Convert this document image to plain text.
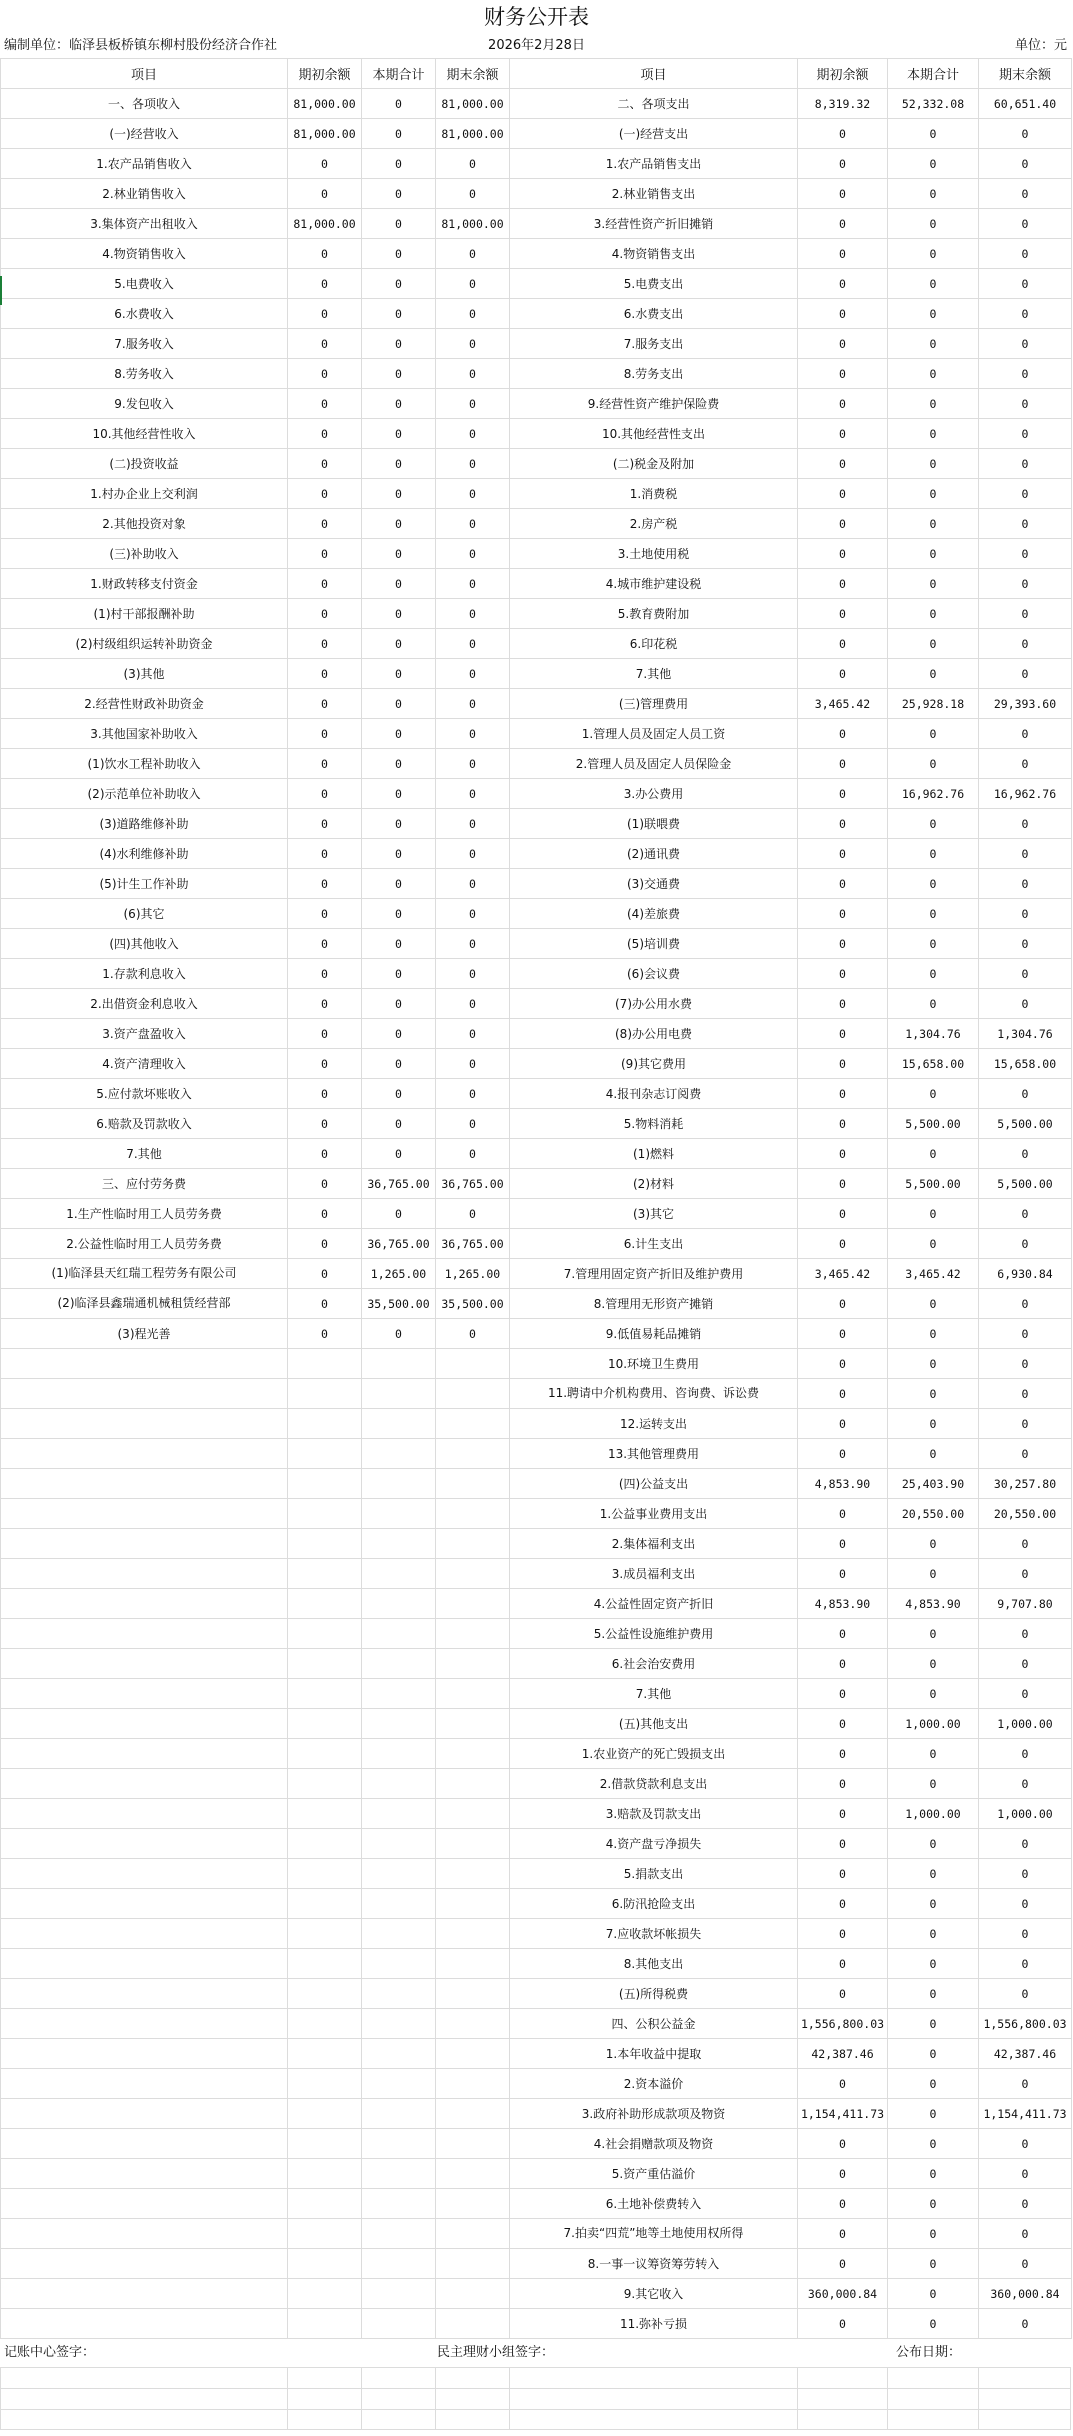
财务公开表
编制单位：临泽县板桥镇东柳村股份经济合作社	2026年2月28日	单位：元
项目	期初余额	本期合计	期末余额	项目	期初余额	本期合计	期末余额
一、各项收入	81,000.00	0	81,000.00	二、各项支出	8,319.32	52,332.08	60,651.40
(一)经营收入	81,000.00	0	81,000.00	(一)经营支出	0	0	0
1.农产品销售收入	0	0	0	1.农产品销售支出	0	0	0
2.林业销售收入	0	0	0	2.林业销售支出	0	0	0
3.集体资产出租收入	81,000.00	0	81,000.00	3.经营性资产折旧摊销	0	0	0
4.物资销售收入	0	0	0	4.物资销售支出	0	0	0
5.电费收入	0	0	0	5.电费支出	0	0	0
6.水费收入	0	0	0	6.水费支出	0	0	0
7.服务收入	0	0	0	7.服务支出	0	0	0
8.劳务收入	0	0	0	8.劳务支出	0	0	0
9.发包收入	0	0	0	9.经营性资产维护保险费	0	0	0
10.其他经营性收入	0	0	0	10.其他经营性支出	0	0	0
(二)投资收益	0	0	0	(二)税金及附加	0	0	0
1.村办企业上交利润	0	0	0	1.消费税	0	0	0
2.其他投资对象	0	0	0	2.房产税	0	0	0
(三)补助收入	0	0	0	3.土地使用税	0	0	0
1.财政转移支付资金	0	0	0	4.城市维护建设税	0	0	0
(1)村干部报酬补助	0	0	0	5.教育费附加	0	0	0
(2)村级组织运转补助资金	0	0	0	6.印花税	0	0	0
(3)其他	0	0	0	7.其他	0	0	0
2.经营性财政补助资金	0	0	0	(三)管理费用	3,465.42	25,928.18	29,393.60
3.其他国家补助收入	0	0	0	1.管理人员及固定人员工资	0	0	0
(1)饮水工程补助收入	0	0	0	2.管理人员及固定人员保险金	0	0	0
(2)示范单位补助收入	0	0	0	3.办公费用	0	16,962.76	16,962.76
(3)道路维修补助	0	0	0	(1)联喂费	0	0	0
(4)水利维修补助	0	0	0	(2)通讯费	0	0	0
(5)计生工作补助	0	0	0	(3)交通费	0	0	0
(6)其它	0	0	0	(4)差旅费	0	0	0
(四)其他收入	0	0	0	(5)培训费	0	0	0
1.存款利息收入	0	0	0	(6)会议费	0	0	0
2.出借资金利息收入	0	0	0	(7)办公用水费	0	0	0
3.资产盘盈收入	0	0	0	(8)办公用电费	0	1,304.76	1,304.76
4.资产清理收入	0	0	0	(9)其它费用	0	15,658.00	15,658.00
5.应付款坏账收入	0	0	0	4.报刊杂志订阅费	0	0	0
6.赔款及罚款收入	0	0	0	5.物料消耗	0	5,500.00	5,500.00
7.其他	0	0	0	(1)燃料	0	0	0
三、应付劳务费	0	36,765.00	36,765.00	(2)材料	0	5,500.00	5,500.00
1.生产性临时用工人员劳务费	0	0	0	(3)其它	0	0	0
2.公益性临时用工人员劳务费	0	36,765.00	36,765.00	6.计生支出	0	0	0
(1)临泽县天红瑞工程劳务有限公司	0	1,265.00	1,265.00	7.管理用固定资产折旧及维护费用	3,465.42	3,465.42	6,930.84
(2)临泽县鑫瑞通机械租赁经营部	0	35,500.00	35,500.00	8.管理用无形资产摊销	0	0	0
(3)程光善	0	0	0	9.低值易耗品摊销	0	0	0
				10.环境卫生费用	0	0	0
				11.聘请中介机构费用、咨询费、诉讼费	0	0	0
				12.运转支出	0	0	0
				13.其他管理费用	0	0	0
				(四)公益支出	4,853.90	25,403.90	30,257.80
				1.公益事业费用支出	0	20,550.00	20,550.00
				2.集体福利支出	0	0	0
				3.成员福利支出	0	0	0
				4.公益性固定资产折旧	4,853.90	4,853.90	9,707.80
				5.公益性设施维护费用	0	0	0
				6.社会治安费用	0	0	0
				7.其他	0	0	0
				(五)其他支出	0	1,000.00	1,000.00
				1.农业资产的死亡毁损支出	0	0	0
				2.借款贷款利息支出	0	0	0
				3.赔款及罚款支出	0	1,000.00	1,000.00
				4.资产盘亏净损失	0	0	0
				5.捐款支出	0	0	0
				6.防汛抢险支出	0	0	0
				7.应收款坏帐损失	0	0	0
				8.其他支出	0	0	0
				(五)所得税费	0	0	0
				四、公积公益金	1,556,800.03	0	1,556,800.03
				1.本年收益中提取	42,387.46	0	42,387.46
				2.资本溢价	0	0	0
				3.政府补助形成款项及物资	1,154,411.73	0	1,154,411.73
				4.社会捐赠款项及物资	0	0	0
				5.资产重估溢价	0	0	0
				6.土地补偿费转入	0	0	0
				7.拍卖“四荒”地等土地使用权所得	0	0	0
				8.一事一议筹资筹劳转入	0	0	0
				9.其它收入	360,000.84	0	360,000.84
				11.弥补亏损	0	0	0
记账中心签字：	民主理财小组签字：	公布日期：
